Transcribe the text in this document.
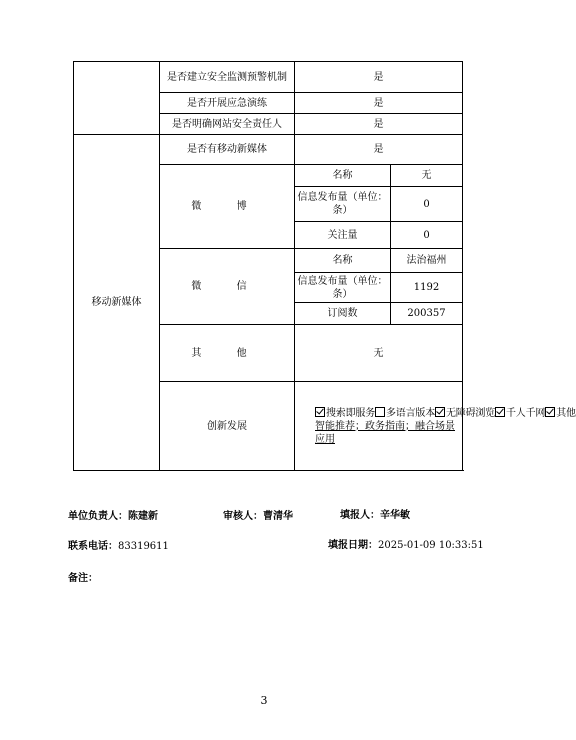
	是否建立安全监测预警机制	是	
	是否开展应急演练	是	
	是否明确网站安全责任人	是	
移动新媒体	是否有移动新媒体	是	
	微 博	名称	无
		信息发布量（单位：条）	0
		关注量	0
	微 信	名称	法治福州
		信息发布量（单位：条）	1192
		订阅数	200357
	其 他	无	
	创新发展	搜索即服务 多语言版本 无障碍浏览 千人千网 其他
智能推荐；政务指南；融合场景应用	
单位负责人：陈建新	审核人：曹清华	填报人：辛华敏
联系电话：83319611	填报日期：2025-01-09 10:33:51
备注：
3
